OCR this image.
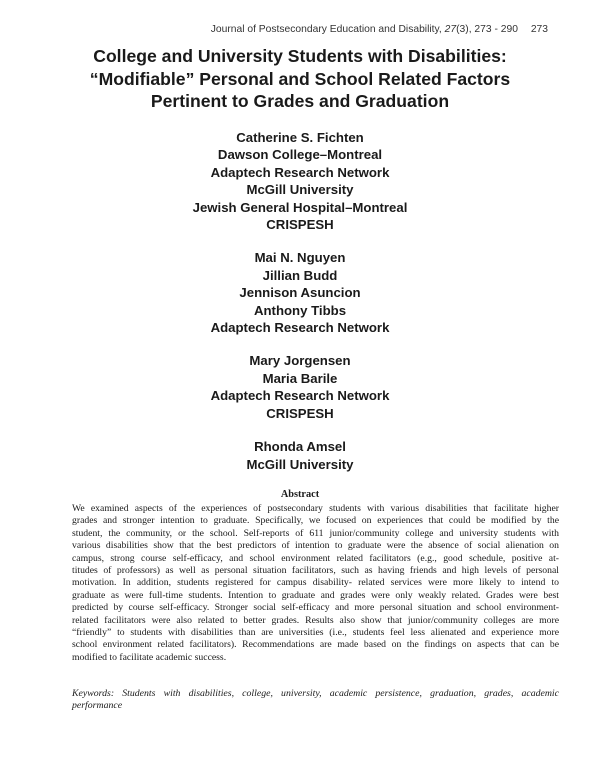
Journal of Postsecondary Education and Disability, 27(3), 273 - 290 273
College and University Students with Disabilities:
“Modifiable” Personal and School Related Factors
Pertinent to Grades and Graduation
Catherine S. Fichten
Dawson College–Montreal
Adaptech Research Network
McGill University
Jewish General Hospital–Montreal
CRISPESH
Mai N. Nguyen
Jillian Budd
Jennison Asuncion
Anthony Tibbs
Adaptech Research Network
Mary Jorgensen
Maria Barile
Adaptech Research Network
CRISPESH
Rhonda Amsel
McGill University
Abstract
We examined aspects of the experiences of postsecondary students with various disabilities that facilitate higher
grades and stronger intention to graduate. Specifically, we focused on experiences that could be modified by the
student, the community, or the school. Self-reports of 611 junior/community college and university students with
various disabilities show that the best predictors of intention to graduate were the absence of social alienation on
campus, strong course self-efficacy, and school environment related facilitators (e.g., good schedule, positive at-
titudes of professors) as well as personal situation facilitators, such as having friends and high levels of personal
motivation. In addition, students registered for campus disability- related services were more likely to intend to
graduate as were full-time students. Intention to graduate and grades were only weakly related. Grades were best
predicted by course self-efficacy. Stronger social self-efficacy and more personal situation and school environment-
related facilitators were also related to better grades. Results also show that junior/community colleges are more
“friendly” to students with disabilities than are universities (i.e., students feel less alienated and experience more
school environment related facilitators). Recommendations are made based on the findings on aspects that can be
modified to facilitate academic success.
Keywords: Students with disabilities, college, university, academic persistence, graduation, grades, academic
performance
